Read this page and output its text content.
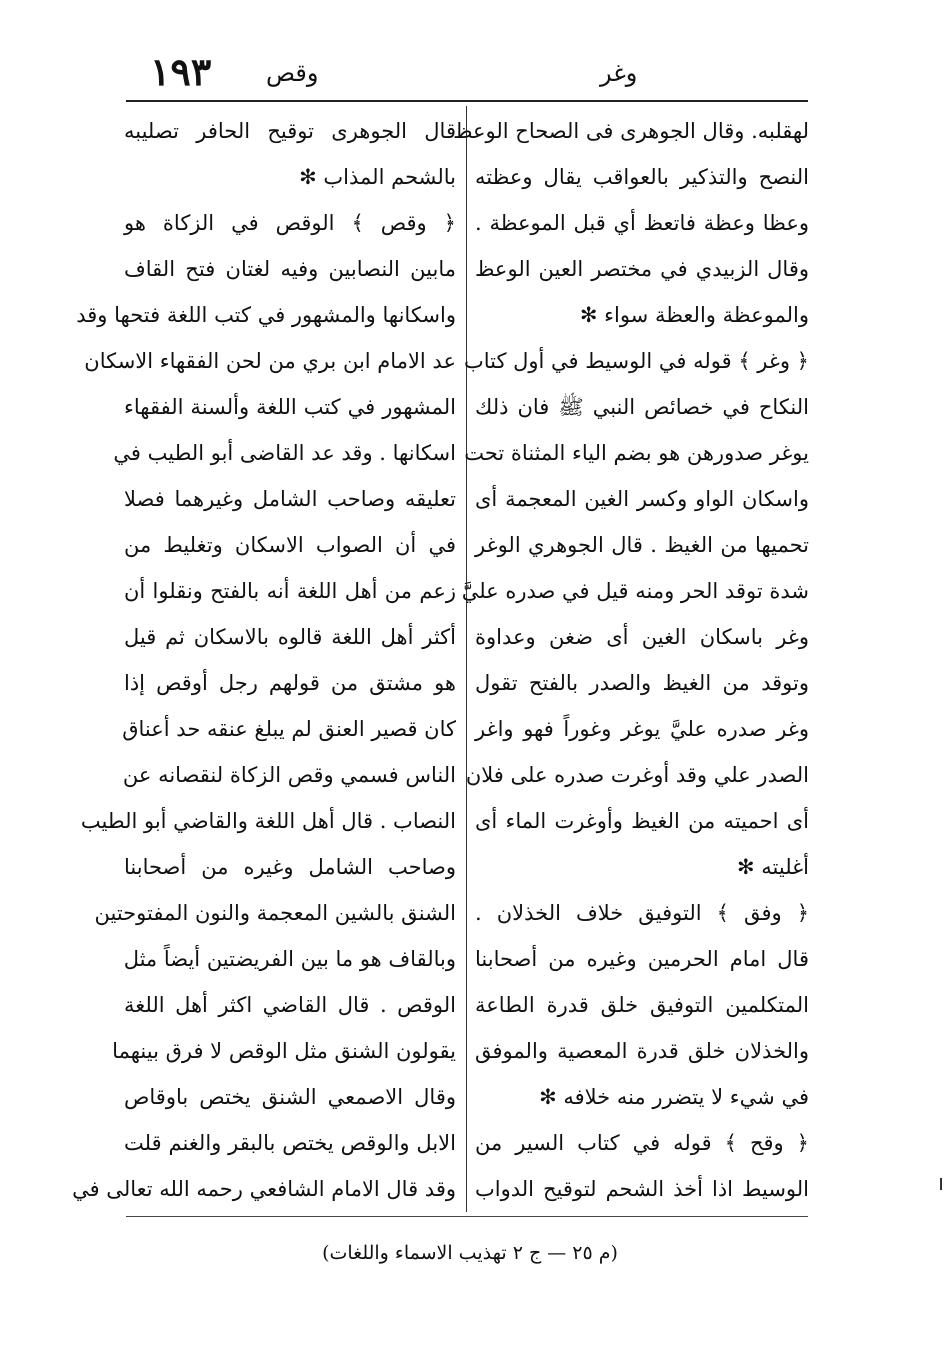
١٩٣ وقص	وغر
لهقلبه. وقال الجوهرى فى الصحاح الوعظ
النصح والتذكير بالعواقب يقال وعظته
وعظا وعظة فاتعظ أي قبل الموعظة .
وقال الزبيدي في مختصر العين الوعظ
والموعظة والعظة سواء ✻
﴿ وغر ﴾ قوله في الوسيط في أول كتاب
النكاح في خصائص النبي ﷺ فان ذلك
يوغر صدورهن هو بضم الياء المثناة تحت
واسكان الواو وكسر الغين المعجمة أى
تحميها من الغيظ . قال الجوهري الوغر
شدة توقد الحر ومنه قيل في صدره عليَّ
وغر باسكان الغين أى ضغن وعداوة
وتوقد من الغيظ والصدر بالفتح تقول
وغر صدره عليَّ يوغر وغوراً فهو واغر
الصدر علي وقد أوغرت صدره على فلان
أى احميته من الغيظ وأوغرت الماء أى
أغليته ✻
﴿ وفق ﴾ التوفيق خلاف الخذلان .
قال امام الحرمين وغيره من أصحابنا
المتكلمين التوفيق خلق قدرة الطاعة
والخذلان خلق قدرة المعصية والموفق
في شيء لا يتضرر منه خلافه ✻
﴿ وقح ﴾ قوله في كتاب السير من
الوسيط اذا أخذ الشحم لتوقيح الدواب
قال الجوهرى توقيح الحافر تصليبه
بالشحم المذاب ✻
﴿ وقص ﴾ الوقص في الزكاة هو
مابين النصابين وفيه لغتان فتح القاف
واسكانها والمشهور في كتب اللغة فتحها وقد
عد الامام ابن بري من لحن الفقهاء الاسكان
المشهور في كتب اللغة وألسنة الفقهاء
اسكانها . وقد عد القاضى أبو الطيب في
تعليقه وصاحب الشامل وغيرهما فصلا
في أن الصواب الاسكان وتغليط من
زعم من أهل اللغة أنه بالفتح ونقلوا أن
أكثر أهل اللغة قالوه بالاسكان ثم قيل
هو مشتق من قولهم رجل أوقص إذا
كان قصير العنق لم يبلغ عنقه حد أعناق
الناس فسمي وقص الزكاة لنقصانه عن
النصاب . قال أهل اللغة والقاضي أبو الطيب
وصاحب الشامل وغيره من أصحابنا
الشنق بالشين المعجمة والنون المفتوحتين
وبالقاف هو ما بين الفريضتين أيضاً مثل
الوقص . قال القاضي اكثر أهل اللغة
يقولون الشنق مثل الوقص لا فرق بينهما
وقال الاصمعي الشنق يختص باوقاص
الابل والوقص يختص بالبقر والغنم قلت
وقد قال الامام الشافعي رحمه الله تعالى في
(م ٢٥ — ج ٢ تهذيب الاسماء واللغات)
